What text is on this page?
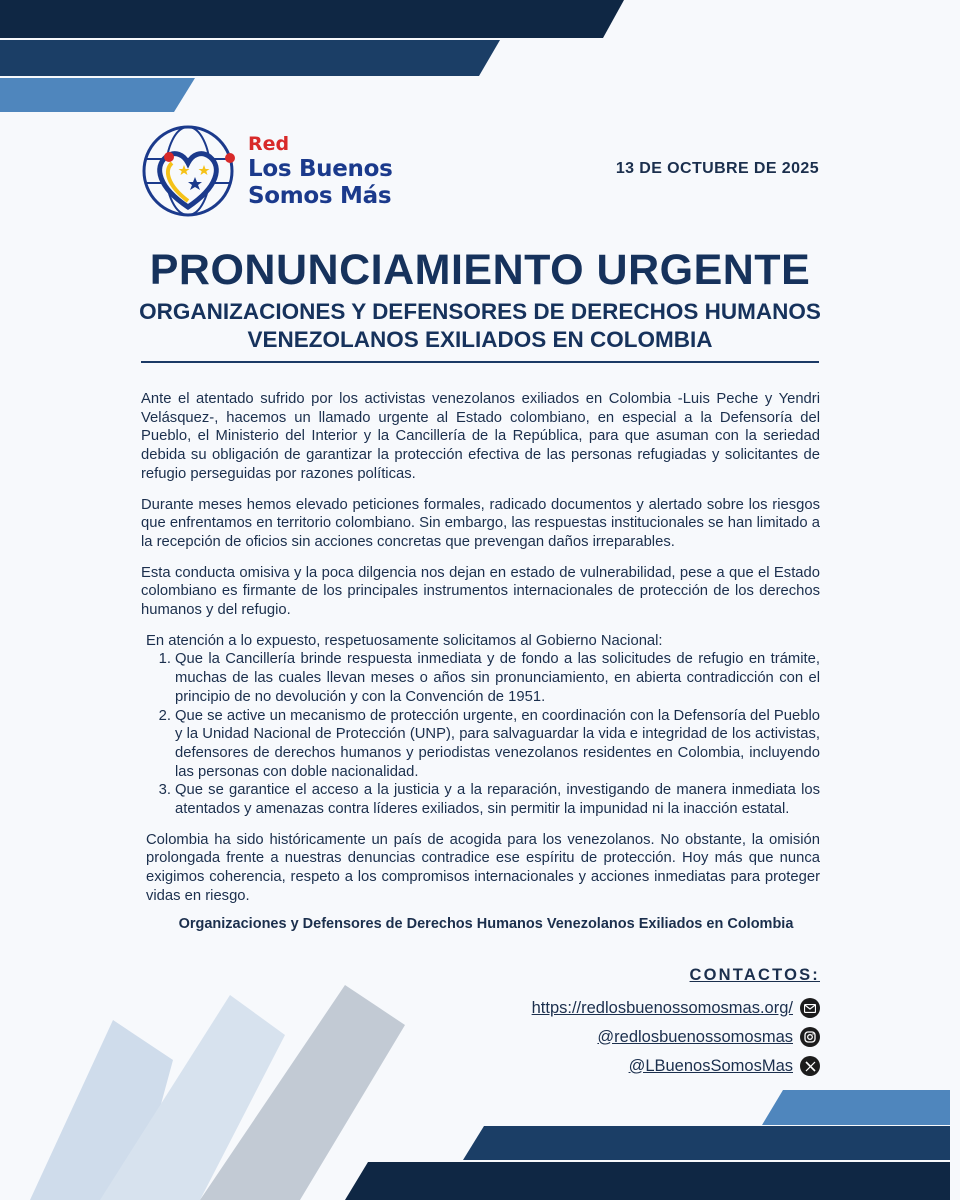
Red
Los Buenos
Somos Más
13 DE OCTUBRE DE 2025
PRONUNCIAMIENTO URGENTE
ORGANIZACIONES Y DEFENSORES DE DERECHOS HUMANOS VENEZOLANOS EXILIADOS EN COLOMBIA

Ante el atentado sufrido por los activistas venezolanos exiliados en Colombia -Luis Peche y Yendri Velásquez-, hacemos un llamado urgente al Estado colombiano, en especial a la Defensoría del Pueblo, el Ministerio del Interior y la Cancillería de la República, para que asuman con la seriedad debida su obligación de garantizar la protección efectiva de las personas refugiadas y solicitantes de refugio perseguidas por razones políticas.

Durante meses hemos elevado peticiones formales, radicado documentos y alertado sobre los riesgos que enfrentamos en territorio colombiano. Sin embargo, las respuestas institucionales se han limitado a la recepción de oficios sin acciones concretas que prevengan daños irreparables.

Esta conducta omisiva y la poca dilgencia nos dejan en estado de vulnerabilidad, pese a que el Estado colombiano es firmante de los principales instrumentos internacionales de protección de los derechos humanos y del refugio.

En atención a lo expuesto, respetuosamente solicitamos al Gobierno Nacional:
1. Que la Cancillería brinde respuesta inmediata y de fondo a las solicitudes de refugio en trámite, muchas de las cuales llevan meses o años sin pronunciamiento, en abierta contradicción con el principio de no devolución y con la Convención de 1951.
2. Que se active un mecanismo de protección urgente, en coordinación con la Defensoría del Pueblo y la Unidad Nacional de Protección (UNP), para salvaguardar la vida e integridad de los activistas, defensores de derechos humanos y periodistas venezolanos residentes en Colombia, incluyendo las personas con doble nacionalidad.
3. Que se garantice el acceso a la justicia y a la reparación, investigando de manera inmediata los atentados y amenazas contra líderes exiliados, sin permitir la impunidad ni la inacción estatal.

Colombia ha sido históricamente un país de acogida para los venezolanos. No obstante, la omisión prolongada frente a nuestras denuncias contradice ese espíritu de protección. Hoy más que nunca exigimos coherencia, respeto a los compromisos internacionales y acciones inmediatas para proteger vidas en riesgo.

Organizaciones y Defensores de Derechos Humanos Venezolanos Exiliados en Colombia
CONTACTOS:
https://redlosbuenossomosmas.org/
@redlosbuenossomosmas
@LBuenosSomosMas
